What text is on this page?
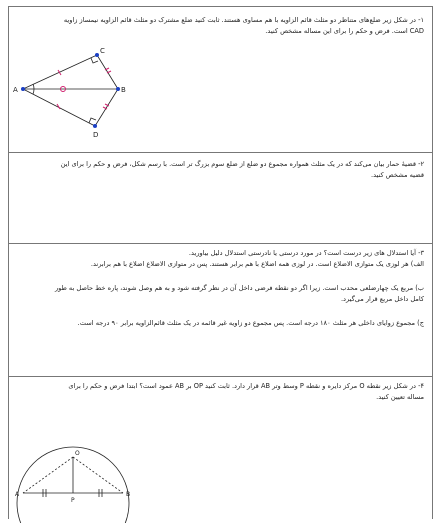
۱- در شکل زیر ضلع‌های متناظر دو مثلث قائم الزاویه با هم مساوی هستند. ثابت کنید ضلع مشترک دو مثلث قائم الزاویه نیمساز زاویه

CAD است. فرض و حکم را برای این مساله مشخص کنید.

A
C
B
D

۲- قضیهٔ حمار بیان می‌کند که در یک مثلث همواره مجموع دو ضلع از ضلع سوم بزرگ تر است. با رسم شکل، فرض و حکم را برای این

قضیه مشخص کنید.

۳- آیا استدلال های زیر درست است؟ در مورد درستی یا نادرستی استدلال دلیل بیاورید.

الف) هر لوزی یک متوازی الاضلاع است. در لوزی همه اضلاع با هم برابر هستند. پس در متوازی الاضلاع اضلاع با هم برابرند.

ب) مربع یک چهارضلعی محدب است. زیرا اگر دو نقطه فرضی داخل آن در نظر گرفته شود و به هم وصل شوند، پاره خط حاصل به طور

کامل داخل مربع قرار می‌گیرد.

ج) مجموع زوایای داخلی هر مثلث ۱۸۰ درجه است. پس مجموع دو زاویه غیر قائمه در یک مثلث قائم‌الزاویه برابر ۹۰ درجه است.

۴- در شکل زیر نقطه O مرکز دایره و نقطه P وسط وتر AB قرار دارد. ثابت کنید OP بر AB عمود است؟ ابتدا فرض و حکم را برای

مساله تعیین کنید.

O
A	B
P
